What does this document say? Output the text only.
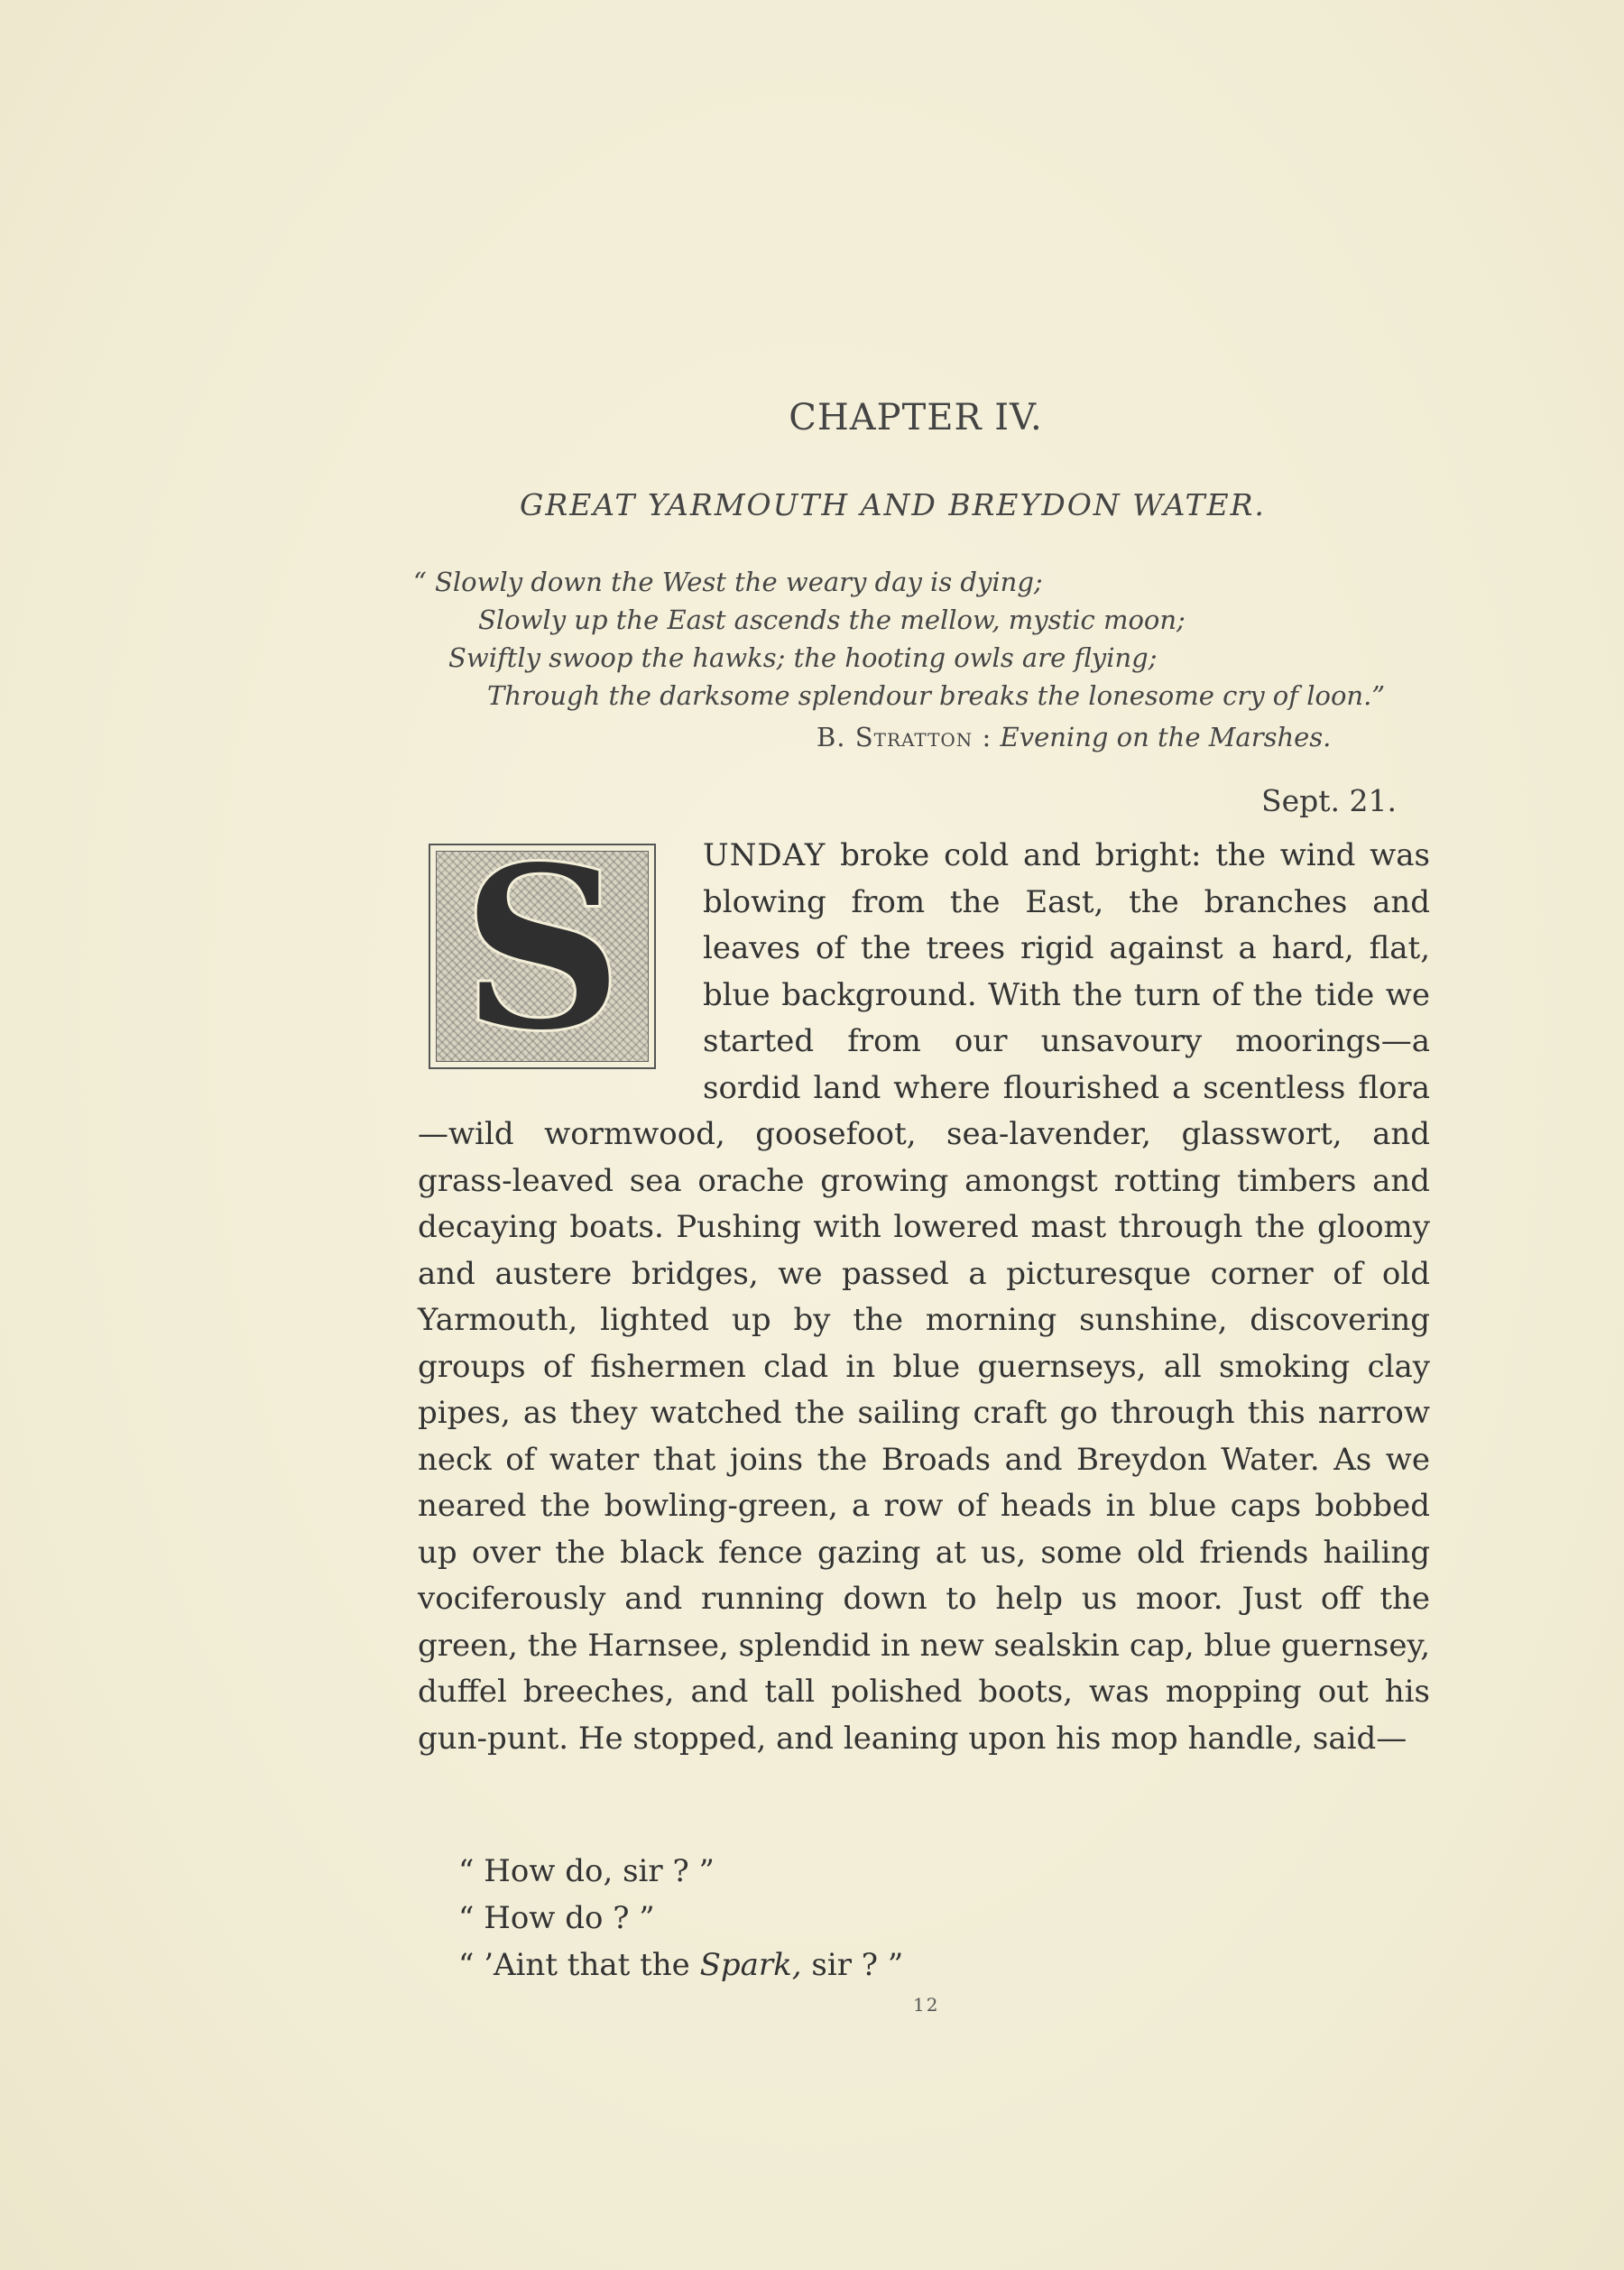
CHAPTER IV.
GREAT YARMOUTH AND BREYDON WATER.
“ Slowly down the West the weary day is dying;
Slowly up the East ascends the mellow, mystic moon;
Swiftly swoop the hawks; the hooting owls are flying;
Through the darksome splendour breaks the lonesome cry of loon.”
B. Stratton : Evening on the Marshes.
Sept. 21.
S	UNDAY broke cold and bright: the wind was blowing from the East, the branches and leaves of the trees rigid against a hard, flat, blue background. With the turn of the tide we started from our unsavoury moorings—a sordid land where flourished a scentless flora—wild wormwood, goosefoot, sea-lavender, glasswort, and grass-leaved sea orache growing amongst rotting timbers and decaying boats. Pushing with lowered mast through the gloomy and austere bridges, we passed a picturesque corner of old Yarmouth, lighted up by the morning sunshine, discovering groups of fishermen clad in blue guernseys, all smoking clay pipes, as they watched the sailing craft go through this narrow neck of water that joins the Broads and Breydon Water. As we neared the bowling-green, a row of heads in blue caps bobbed up over the black fence gazing at us, some old friends hailing vociferously and running down to help us moor. Just off the green, the Harnsee, splendid in new sealskin cap, blue guernsey, duffel breeches, and tall polished boots, was mopping out his gun-punt. He stopped, and leaning upon his mop handle, said—
“ How do, sir ? ”
“ How do ? ”
“ ’Aint that the Spark, sir ? ”
12
